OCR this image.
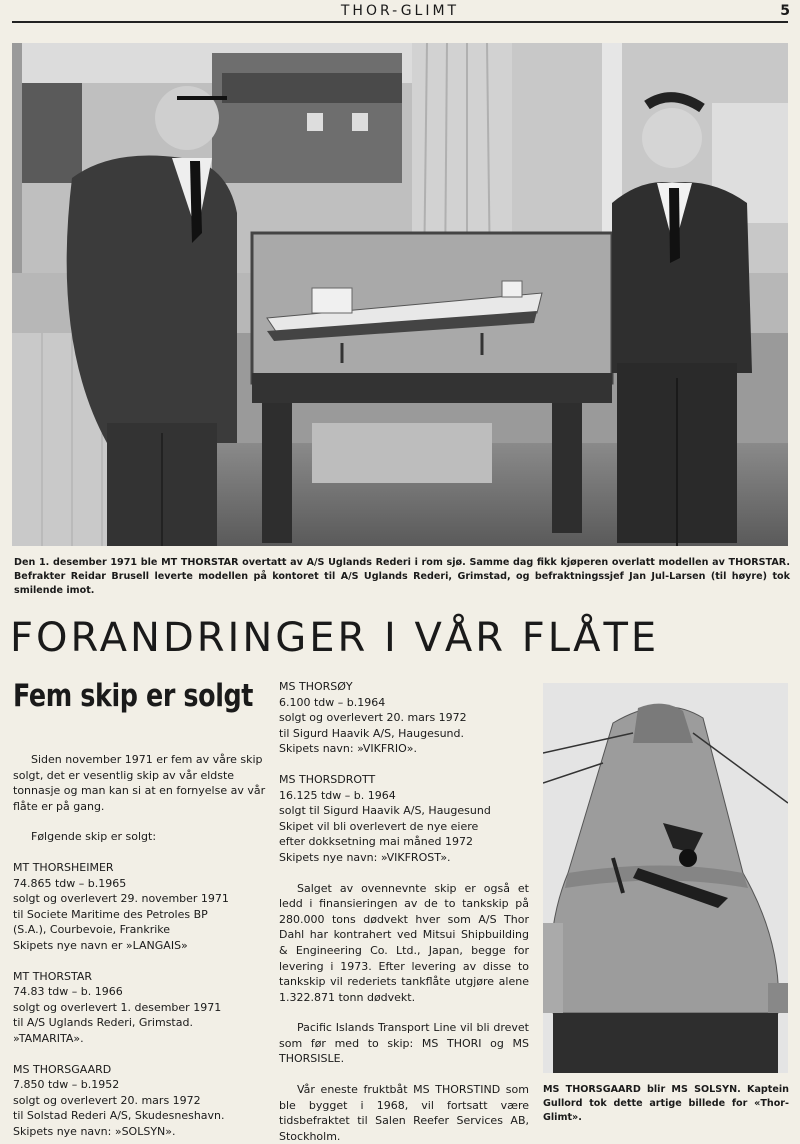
THOR-GLIMT	5
Den 1. desember 1971 ble MT THORSTAR overtatt av A/S Uglands Rederi i rom sjø. Samme dag fikk kjøperen overlatt modellen av THORSTAR. Befrakter Reidar Brusell leverte modellen på kontoret til A/S Uglands Rederi, Grimstad, og befraktningssjef Jan Jul-Larsen (til høyre) tok smilende imot.
FORANDRINGER I VÅR FLÅTE
Fem skip er solgt

Siden november 1971 er fem av våre skip solgt, det er vesentlig skip av vår eldste tonnasje og man kan si at en fornyelse av vår flåte er på gang.

Følgende skip er solgt:

MT THORSHEIMER

74.865 tdw – b.1965

solgt og overlevert 29. november 1971

til Societe Maritime des Petroles BP

(S.A.), Courbevoie, Frankrike

Skipets nye navn er »LANGAIS»

MT THORSTAR

74.83 tdw – b. 1966

solgt og overlevert 1. desember 1971

til A/S Uglands Rederi, Grimstad.

»TAMARITA».

MS THORSGAARD

7.850 tdw – b.1952

solgt og overlevert 20. mars 1972

til Solstad Rederi A/S, Skudesneshavn.

Skipets nye navn: »SOLSYN».

MS THORSØY

6.100 tdw – b.1964

solgt og overlevert 20. mars 1972

til Sigurd Haavik A/S, Haugesund.

Skipets navn: »VIKFRIO».

MS THORSDROTT

16.125 tdw – b. 1964

solgt til Sigurd Haavik A/S, Haugesund

Skipet vil bli overlevert de nye eiere

efter dokksetning mai måned 1972

Skipets nye navn: »VIKFROST».

Salget av ovennevnte skip er også et ledd i finansieringen av de to tankskip på 280.000 tons dødvekt hver som A/S Thor Dahl har kontrahert ved Mitsui Shipbuilding & Engineering Co. Ltd., Japan, begge for levering i 1973. Efter levering av disse to tankskip vil rederiets tankflåte utgjøre alene 1.322.871 tonn dødvekt.

Pacific Islands Transport Line vil bli drevet som før med to skip: MS THORI og MS THORSISLE.

Vår eneste fruktbåt MS THORSTIND som ble bygget i 1968, vil fortsatt være tidsbefraktet til Salen Reefer Services AB, Stockholm.

MS THORSGAARD blir MS SOLSYN. Kaptein Gullord tok dette artige billede for «Thor-Glimt».
